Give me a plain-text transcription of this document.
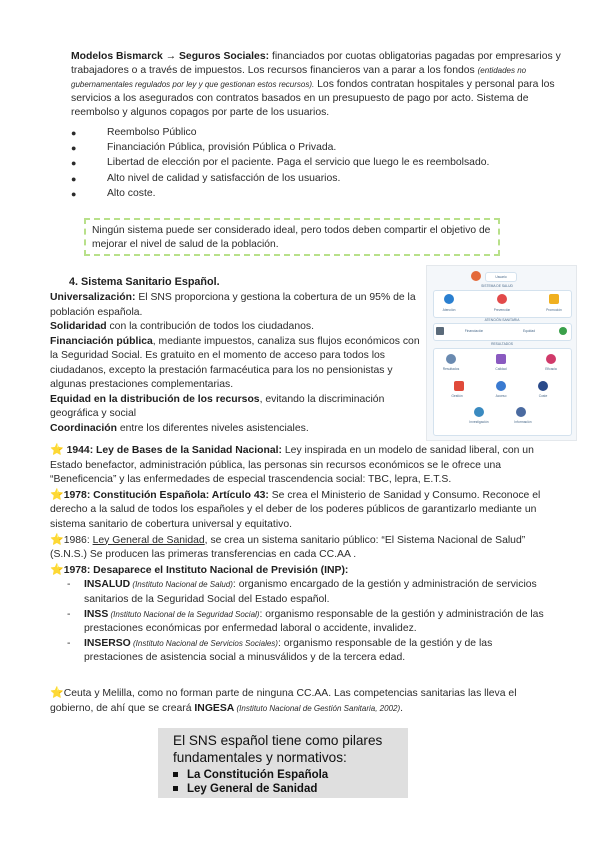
Modelos Bismarck → Seguros Sociales: financiados por cuotas obligatorias pagadas por empresarios y trabajadores o a través de impuestos. Los recursos financieros van a parar a los fondos (entidades no gubernamentales regulados por ley y que gestionan estos recursos). Los fondos contratan hospitales y personal para los servicios a los asegurados con contratos basados en un presupuesto de pago por acto. Sistema de reembolso y algunos copagos por parte de los usuarios.

●	Reembolso Público
●	Financiación Pública, provisión Pública o Privada.
●	Libertad de elección por el paciente. Paga el servicio que luego le es reembolsado.
●	Alto nivel de calidad y satisfacción de los usuarios.
●	Alto coste.
Ningún sistema puede ser considerado ideal, pero todos deben compartir el objetivo de mejorar el nivel de salud de la población.
4. Sistema Sanitario Español.
Universalización: El SNS proporciona y gestiona la cobertura de un 95% de la población española.
Solidaridad con la contribución de todos los ciudadanos.
Financiación pública, mediante impuestos, canaliza sus flujos económicos con la Seguridad Social. Es gratuito en el momento de acceso para todos los ciudadanos, excepto la prestación farmacéutica para los no pensionistas y algunas prestaciones complementarias.
Equidad en la distribución de los recursos, evitando la discriminación geográfica y social
Coordinación entre los diferentes niveles asistenciales.
Usuario
SISTEMA DE SALUD
Atención	Prevención	Promoción
ATENCIÓN SANITARIA
Financiación	Equidad
RESULTADOS
Resultados	Calidad	Eficacia
Gestión	Acceso	Coste
Investigación	Información
⭐ 1944: Ley de Bases de la Sanidad Nacional: Ley inspirada en un modelo de sanidad liberal, con un Estado benefactor, administración pública, las personas sin recursos económicos se le ofrece una “Beneficencia” y las enfermedades de especial trascendencia social: TBC, lepra, E.T.S.
⭐1978: Constitución Española: Artículo 43: Se crea el Ministerio de Sanidad y Consumo. Reconoce el derecho a la salud de todos los españoles y el deber de los poderes públicos de garantizarlo mediante un sistema sanitario de cobertura universal y equitativo.
⭐1986: Ley General de Sanidad, se crea un sistema sanitario público: “El Sistema Nacional de Salud” (S.N.S.) Se producen las primeras transferencias en cada CC.AA .
⭐1978: Desaparece el Instituto Nacional de Previsión (INP):
- INSALUD (Instituto Nacional de Salud): organismo encargado de la gestión y administración de servicios sanitarios de la Seguridad Social del Estado español.
- INSS (Instituto Nacional de la Seguridad Social): organismo responsable de la gestión y administración de las prestaciones económicas por enfermedad laboral o accidente, invalidez.
- INSERSO (Instituto Nacional de Servicios Sociales): organismo responsable de la gestión y de las prestaciones de asistencia social a minusválidos y de la tercera edad.
⭐Ceuta y Melilla, como no forman parte de ninguna CC.AA. Las competencias sanitarias las lleva el gobierno, de ahí que se creará INGESA (Instituto Nacional de Gestión Sanitaria, 2002).
El SNS español tiene como pilares fundamentales y normativos:
La Constitución Española
Ley General de Sanidad
